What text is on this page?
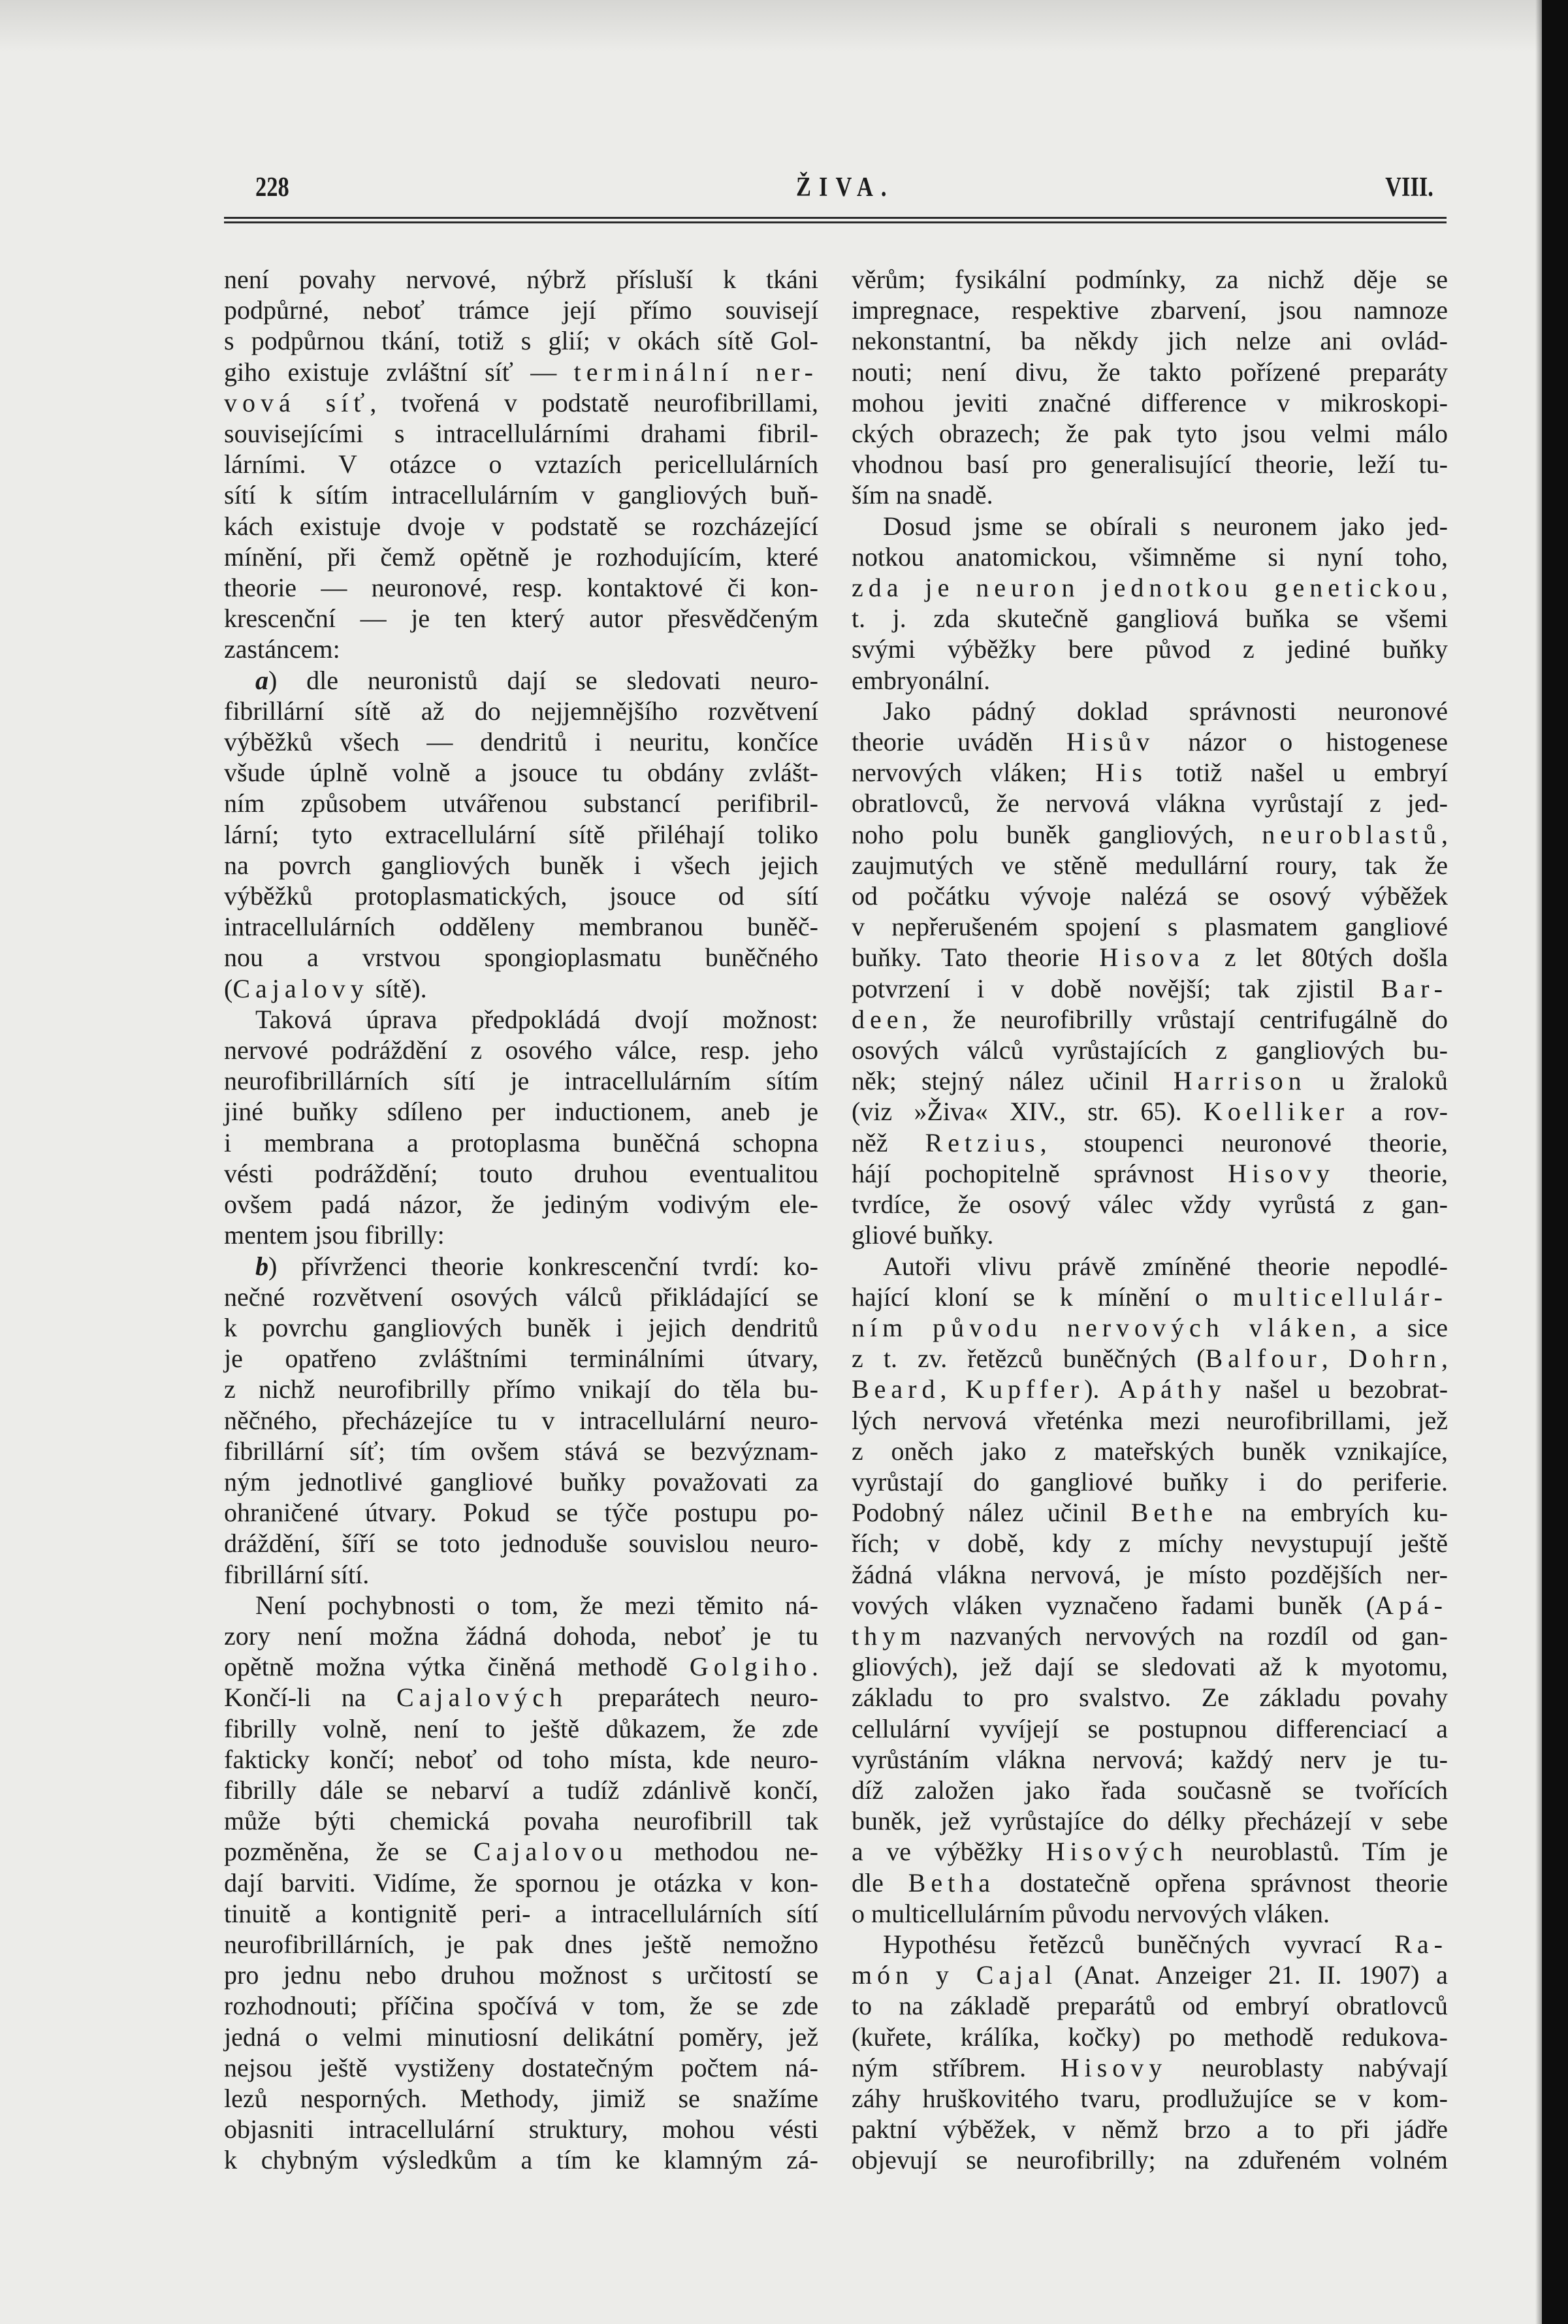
228	ŽIVA.	VIII.
není povahy nervové, nýbrž přísluší k tkáni
podpůrné, neboť trámce její přímo souvisejí
s podpůrnou tkání, totiž s glií; v okách sítě Gol-
giho existuje zvláštní síť — terminální ner-
vová síť, tvořená v podstatě neurofibrillami,
souvisejícími s intracellulárními drahami fibril-
lárními. V otázce o vztazích pericellulárních
sítí k sítím intracellulárním v gangliových buň-
kách existuje dvoje v podstatě se rozcházející
mínění, při čemž opětně je rozhodujícím, které
theorie — neuronové, resp. kontaktové či kon-
krescenční — je ten který autor přesvědčeným
zastáncem:
a) dle neuronistů dají se sledovati neuro-
fibrillární sítě až do nejjemnějšího rozvětvení
výběžků všech — dendritů i neuritu, končíce
všude úplně volně a jsouce tu obdány zvlášt-
ním způsobem utvářenou substancí perifibril-
lární; tyto extracellulární sítě přiléhají toliko
na povrch gangliových buněk i všech jejich
výběžků protoplasmatických, jsouce od sítí
intracellulárních odděleny membranou buněč-
nou a vrstvou spongioplasmatu buněčného
(Cajalovy sítě).
Taková úprava předpokládá dvojí možnost:
nervové podráždění z osového válce, resp. jeho
neurofibrillárních sítí je intracellulárním sítím
jiné buňky sdíleno per inductionem, aneb je
i membrana a protoplasma buněčná schopna
vésti podráždění; touto druhou eventualitou
ovšem padá názor, že jediným vodivým ele-
mentem jsou fibrilly:
b) přívrženci theorie konkrescenční tvrdí: ko-
nečné rozvětvení osových válců přikládající se
k povrchu gangliových buněk i jejich dendritů
je opatřeno zvláštními terminálními útvary,
z nichž neurofibrilly přímo vnikají do těla bu-
něčného, přecházejíce tu v intracellulární neuro-
fibrillární síť; tím ovšem stává se bezvýznam-
ným jednotlivé gangliové buňky považovati za
ohraničené útvary. Pokud se týče postupu po-
dráždění, šíří se toto jednoduše souvislou neuro-
fibrillární sítí.
Není pochybnosti o tom, že mezi těmito ná-
zory není možna žádná dohoda, neboť je tu
opětně možna výtka činěná methodě Golgiho.
Končí-li na Cajalových preparátech neuro-
fibrilly volně, není to ještě důkazem, že zde
fakticky končí; neboť od toho místa, kde neuro-
fibrilly dále se nebarví a tudíž zdánlivě končí,
může býti chemická povaha neurofibrill tak
pozměněna, že se Cajalovou methodou ne-
dají barviti. Vidíme, že spornou je otázka v kon-
tinuitě a kontignitě peri- a intracellulárních sítí
neurofibrillárních, je pak dnes ještě nemožno
pro jednu nebo druhou možnost s určitostí se
rozhodnouti; příčina spočívá v tom, že se zde
jedná o velmi minutiosní delikátní poměry, jež
nejsou ještě vystiženy dostatečným počtem ná-
lezů nesporných. Methody, jimiž se snažíme
objasniti intracellulární struktury, mohou vésti
k chybným výsledkům a tím ke klamným zá-
věrům; fysikální podmínky, za nichž děje se
impregnace, respektive zbarvení, jsou namnoze
nekonstantní, ba někdy jich nelze ani ovlád-
nouti; není divu, že takto pořízené preparáty
mohou jeviti značné difference v mikroskopi-
ckých obrazech; že pak tyto jsou velmi málo
vhodnou basí pro generalisující theorie, leží tu-
ším na snadě.
Dosud jsme se obírali s neuronem jako jed-
notkou anatomickou, všimněme si nyní toho,
zda je neuron jednotkou genetickou,
t. j. zda skutečně gangliová buňka se všemi
svými výběžky bere původ z jediné buňky
embryonální.
Jako pádný doklad správnosti neuronové
theorie uváděn Hisův názor o histogenese
nervových vláken; His totiž našel u embryí
obratlovců, že nervová vlákna vyrůstají z jed-
noho polu buněk gangliových, neuroblastů,
zaujmutých ve stěně medullární roury, tak že
od počátku vývoje nalézá se osový výběžek
v nepřerušeném spojení s plasmatem gangliové
buňky. Tato theorie Hisova z let 80tých došla
potvrzení i v době novější; tak zjistil Bar-
deen, že neurofibrilly vrůstají centrifugálně do
osových válců vyrůstajících z gangliových bu-
něk; stejný nález učinil Harrison u žraloků
(viz »Živa« XIV., str. 65). Koelliker a rov-
něž Retzius, stoupenci neuronové theorie,
hájí pochopitelně správnost Hisovy theorie,
tvrdíce, že osový válec vždy vyrůstá z gan-
gliové buňky.
Autoři vlivu právě zmíněné theorie nepodlé-
hající kloní se k mínění o multicellulár-
ním původu nervových vláken, a sice
z t. zv. řetězců buněčných (Balfour, Dohrn,
Beard, Kupffer). Apáthy našel u bezobrat-
lých nervová vřeténka mezi neurofibrillami, jež
z oněch jako z mateřských buněk vznikajíce,
vyrůstají do gangliové buňky i do periferie.
Podobný nález učinil Bethe na embryích ku-
řích; v době, kdy z míchy nevystupují ještě
žádná vlákna nervová, je místo pozdějších ner-
vových vláken vyznačeno řadami buněk (Apá-
thym nazvaných nervových na rozdíl od gan-
gliových), jež dají se sledovati až k myotomu,
základu to pro svalstvo. Ze základu povahy
cellulární vyvíjejí se postupnou differenciací a
vyrůstáním vlákna nervová; každý nerv je tu-
díž založen jako řada současně se tvořících
buněk, jež vyrůstajíce do délky přecházejí v sebe
a ve výběžky Hisových neuroblastů. Tím je
dle Betha dostatečně opřena správnost theorie
o multicellulárním původu nervových vláken.
Hypothésu řetězců buněčných vyvrací Ra-
món y Cajal (Anat. Anzeiger 21. II. 1907) a
to na základě preparátů od embryí obratlovců
(kuřete, králíka, kočky) po methodě redukova-
ným stříbrem. Hisovy neuroblasty nabývají
záhy hruškovitého tvaru, prodlužujíce se v kom-
paktní výběžek, v němž brzo a to při jádře
objevují se neurofibrilly; na zduřeném volném
